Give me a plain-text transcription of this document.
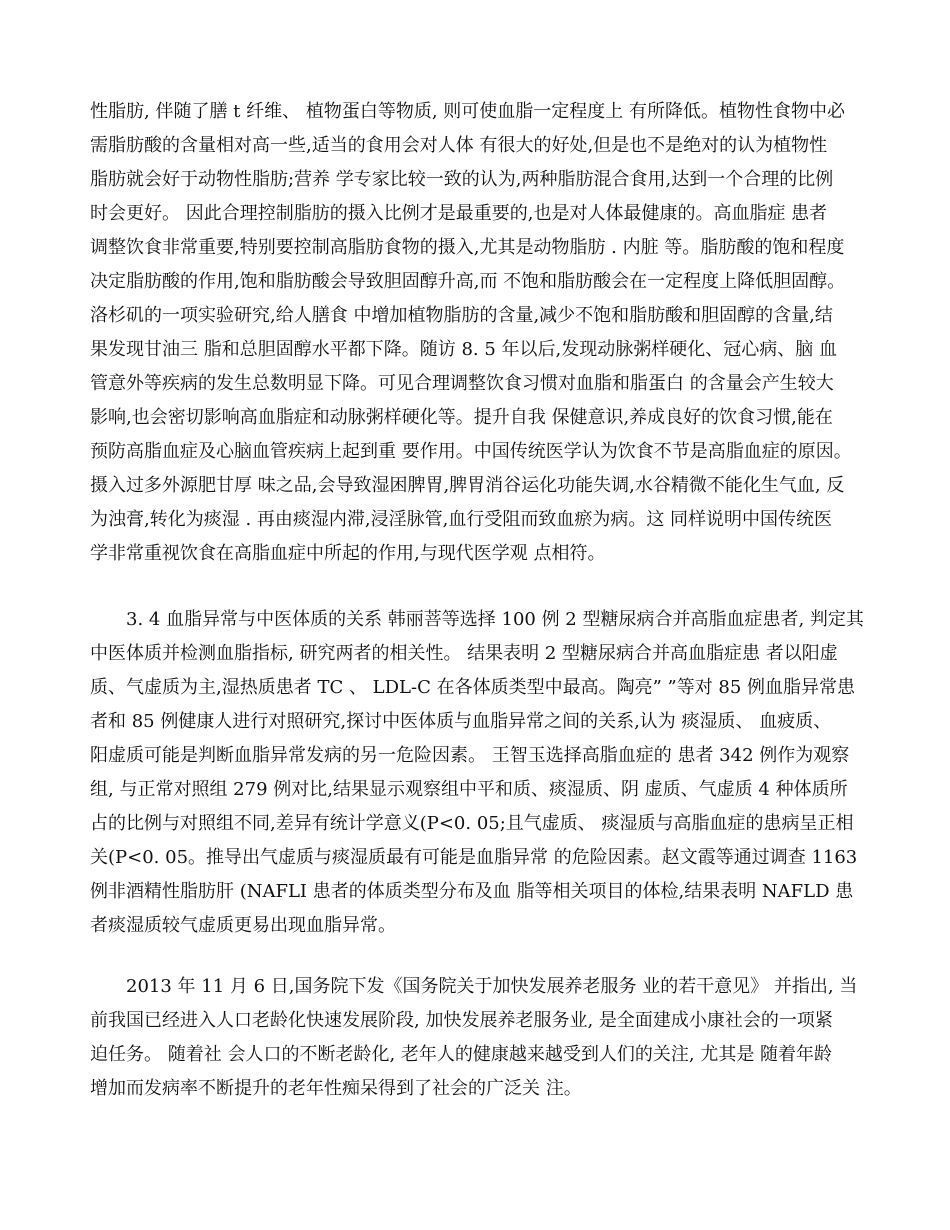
性脂肪, 伴随了膳 t 纤维、 植物蛋白等物质, 则可使血脂一定程度上 有所降低。植物性食物中必
需脂肪酸的含量相对高一些,适当的食用会对人体 有很大的好处,但是也不是绝对的认为植物性
脂肪就会好于动物性脂肪;营养 学专家比较一致的认为,两种脂肪混合食用,达到一个合理的比例
时会更好。 因此合理控制脂肪的摄入比例才是最重要的,也是对人体最健康的。高血脂症 患者
调整饮食非常重要,特别要控制高脂肪食物的摄入,尤其是动物脂肪 . 内脏 等。脂肪酸的饱和程度
决定脂肪酸的作用,饱和脂肪酸会导致胆固醇升高,而 不饱和脂肪酸会在一定程度上降低胆固醇。
洛杉矶的一项实验研究,给人膳食 中增加植物脂肪的含量,减少不饱和脂肪酸和胆固醇的含量,结
果发现甘油三 脂和总胆固醇水平都下降。随访 8. 5 年以后,发现动脉粥样硬化、冠心病、脑 血
管意外等疾病的发生总数明显下降。可见合理调整饮食习惯对血脂和脂蛋白 的含量会产生较大
影响,也会密切影响高血脂症和动脉粥样硬化等。提升自我 保健意识,养成良好的饮食习惯,能在
预防高脂血症及心脑血管疾病上起到重 要作用。中国传统医学认为饮食不节是高脂血症的原因。
摄入过多外源肥甘厚 味之品,会导致湿困脾胃,脾胃消谷运化功能失调,水谷精微不能化生气血, 反
为浊膏,转化为痰湿 . 再由痰湿内滞,浸淫脉管,血行受阻而致血瘀为病。这 同样说明中国传统医
学非常重视饮食在高脂血症中所起的作用,与现代医学观 点相符。
3. 4 血脂异常与中医体质的关系 韩丽菩等选择 100 例 2 型糖尿病合并高脂血症患者, 判定其
中医体质并检测血脂指标, 研究两者的相关性。 结果表明 2 型糖尿病合并高血脂症患 者以阳虚
质、气虚质为主,湿热质患者 TC 、 LDL-C 在各体质类型中最高。陶亮” ”等对 85 例血脂异常患
者和 85 例健康人进行对照研究,探讨中医体质与血脂异常之间的关系,认为 痰湿质、 血疲质、
阳虚质可能是判断血脂异常发病的另一危险因素。 王智玉选择高脂血症的 患者 342 例作为观察
组, 与正常对照组 279 例对比,结果显示观察组中平和质、痰湿质、阴 虚质、气虚质 4 种体质所
占的比例与对照组不同,差异有统计学意义(P<0. 05;且气虚质、 痰湿质与高脂血症的患病呈正相
关(P<0. 05。推导出气虚质与痰湿质最有可能是血脂异常 的危险因素。赵文霞等通过调查 1163
例非酒精性脂肪肝 (NAFLI 患者的体质类型分布及血 脂等相关项目的体检,结果表明 NAFLD 患
者痰湿质较气虚质更易出现血脂异常。
2013 年 11 月 6 日,国务院下发《国务院关于加快发展养老服务 业的若干意见》 并指出, 当
前我国已经进入人口老龄化快速发展阶段, 加快发展养老服务业, 是全面建成小康社会的一项紧
迫任务。 随着社 会人口的不断老龄化, 老年人的健康越来越受到人们的关注, 尤其是 随着年龄
增加而发病率不断提升的老年性痴呆得到了社会的广泛关 注。
